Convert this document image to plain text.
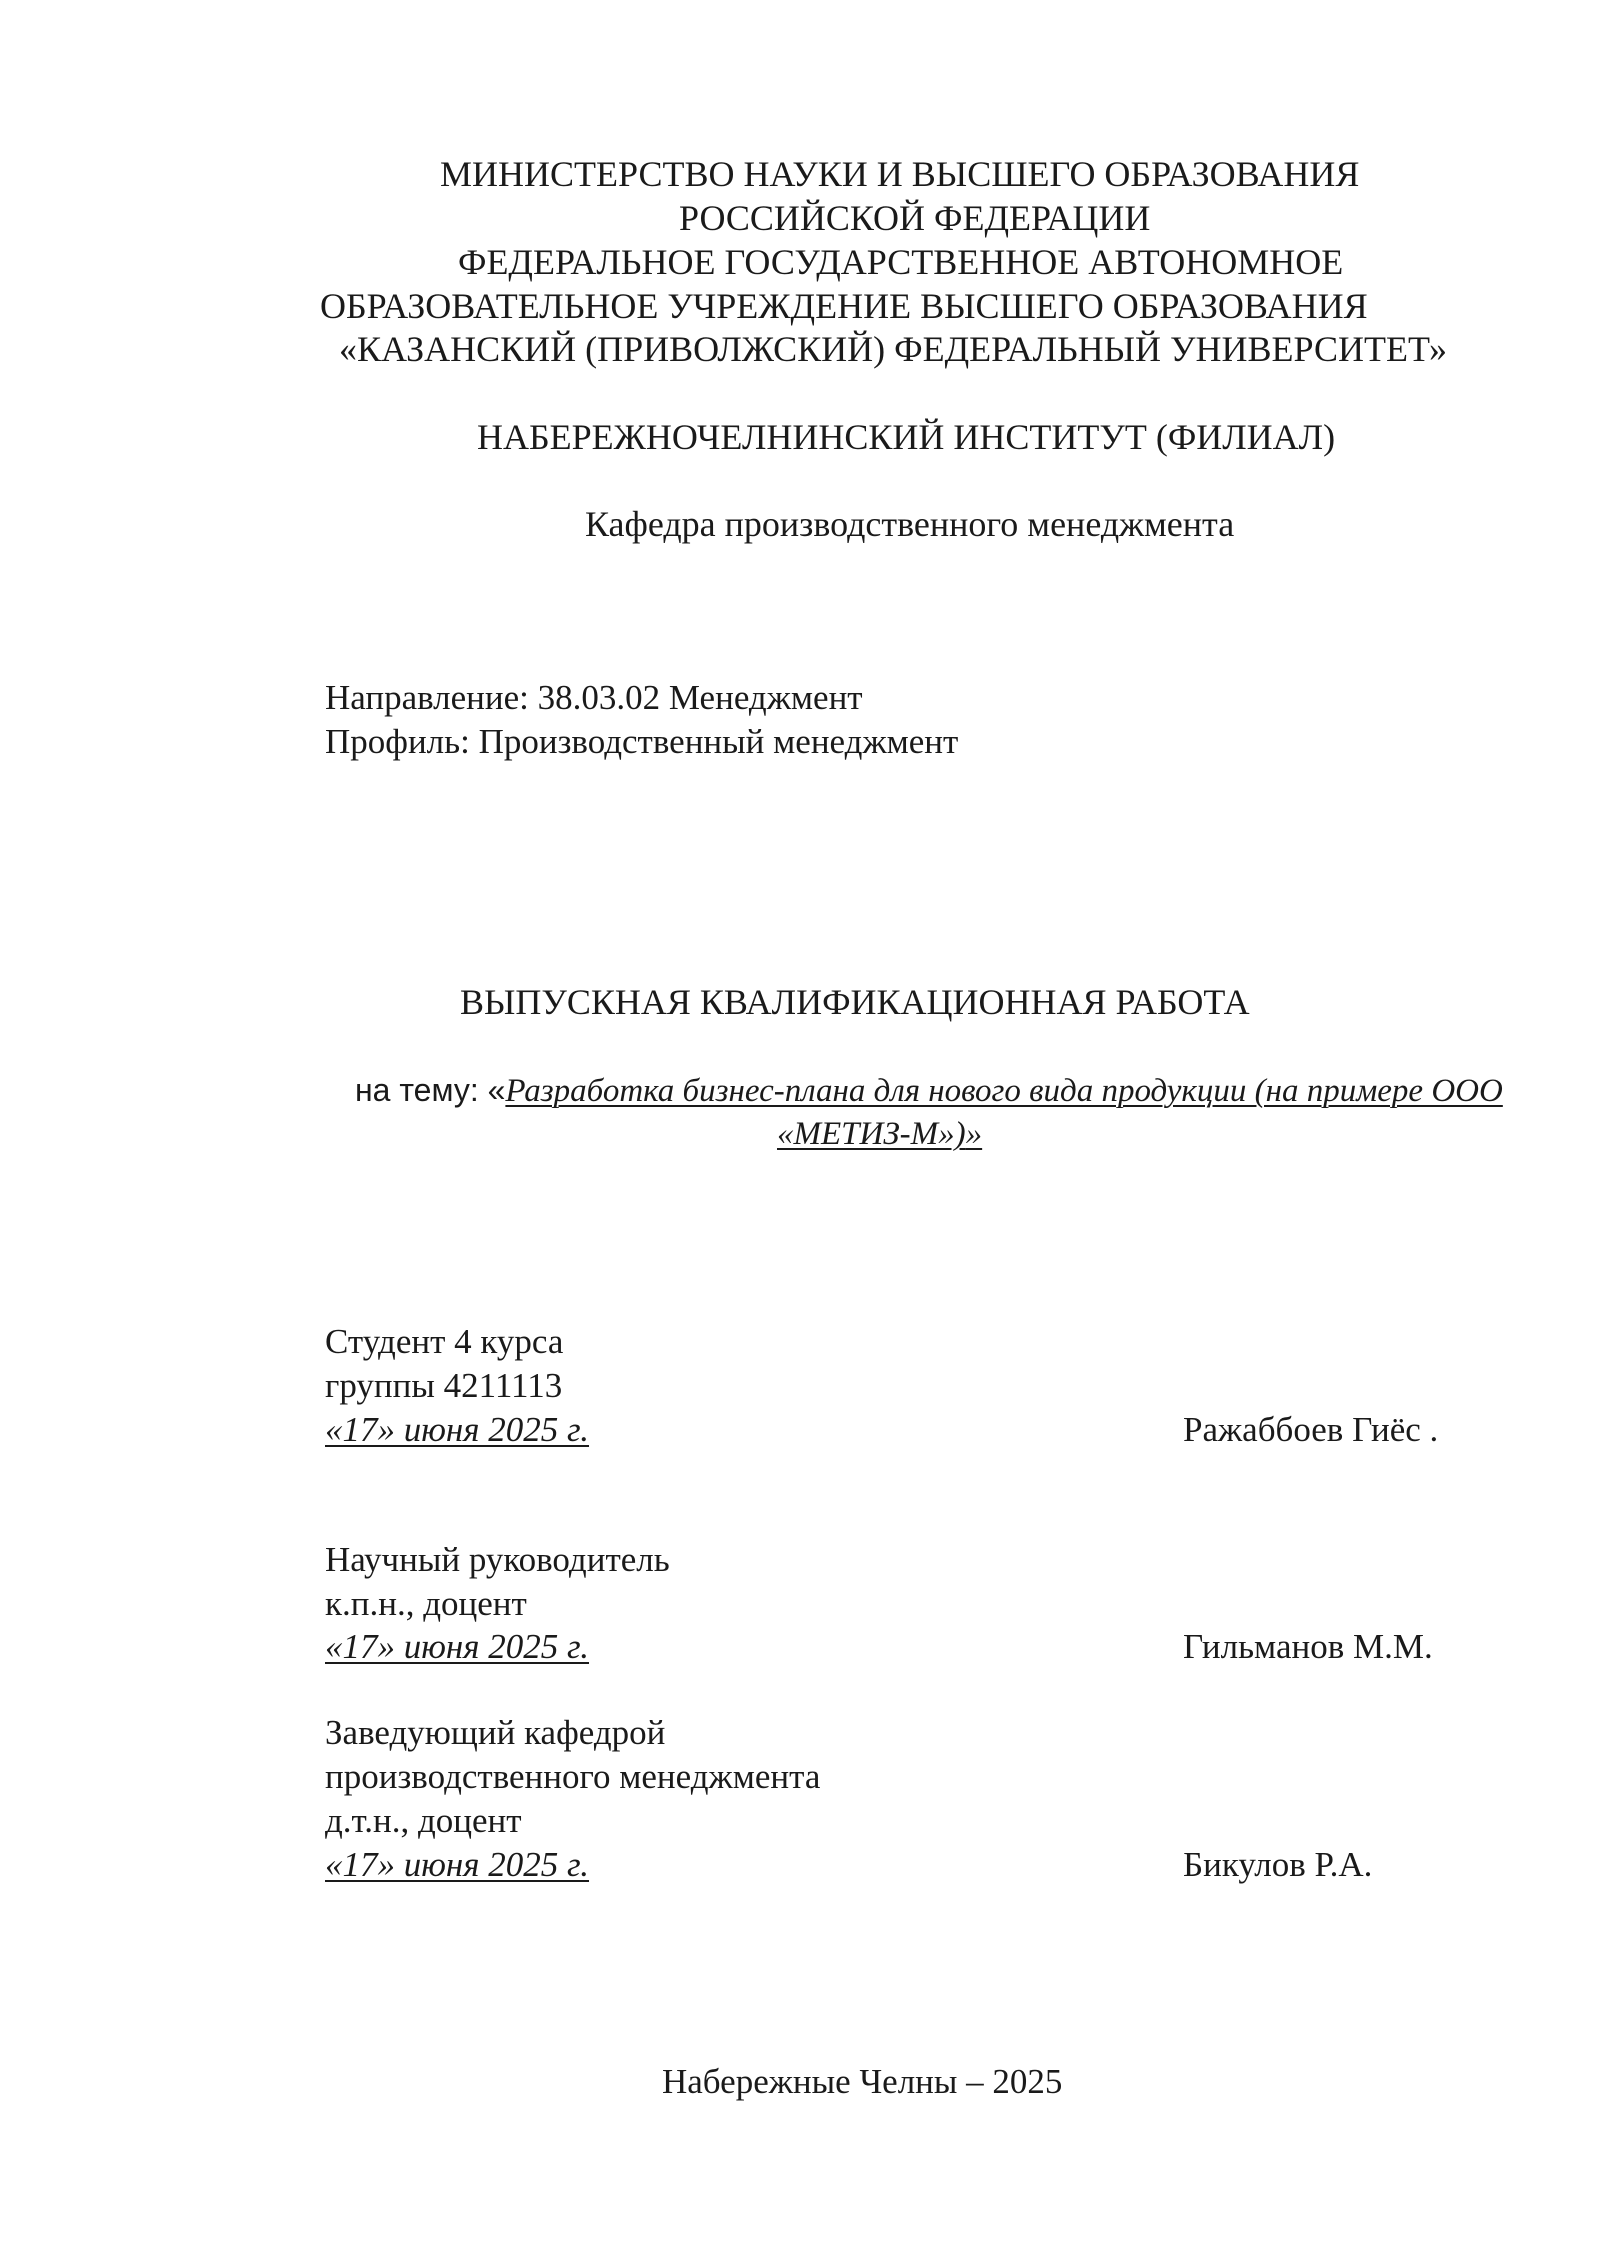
МИНИСТЕРСТВО НАУКИ И ВЫСШЕГО ОБРАЗОВАНИЯ
РОССИЙСКОЙ ФЕДЕРАЦИИ
ФЕДЕРАЛЬНОЕ ГОСУДАРСТВЕННОЕ АВТОНОМНОЕ
ОБРАЗОВАТЕЛЬНОЕ УЧРЕЖДЕНИЕ ВЫСШЕГО ОБРАЗОВАНИЯ
«КАЗАНСКИЙ (ПРИВОЛЖСКИЙ) ФЕДЕРАЛЬНЫЙ УНИВЕРСИТЕТ»
НАБЕРЕЖНОЧЕЛНИНСКИЙ ИНСТИТУТ (ФИЛИАЛ)
Кафедра производственного менеджмента
Направление: 38.03.02 Менеджмент
Профиль: Производственный менеджмент
ВЫПУСКНАЯ КВАЛИФИКАЦИОННАЯ РАБОТА
на тему: «Разработка бизнес-плана для нового вида продукции (на примере ООО
«МЕТИЗ-М»)»
Студент 4 курса
группы 4211113
«17» июня 2025 г.	Ражаббоев Гиёс .
Научный руководитель
к.п.н., доцент
«17» июня 2025 г.	Гильманов М.М.
Заведующий кафедрой
производственного менеджмента
д.т.н., доцент
«17» июня 2025 г.	Бикулов Р.А.
Набережные Челны – 2025
